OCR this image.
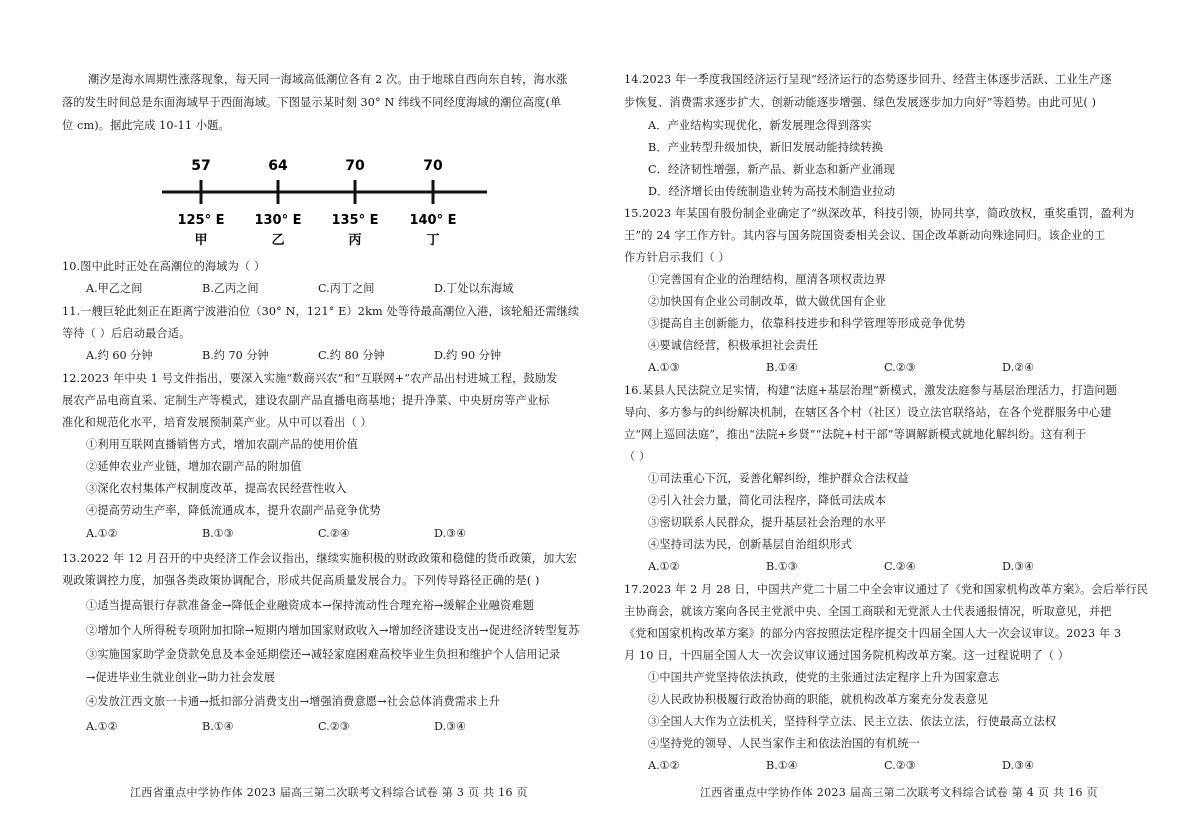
潮汐是海水周期性涨落现象，每天同一海域高低潮位各有 2 次。由于地球自西向东自转，海水涨
落的发生时间总是东面海域早于西面海域。下图显示某时刻 30° N 纬线不同经度海域的潮位高度(单
位 cm)。据此完成 10-11 小题。
57	64	70	70
125° E 130° E 135° E 140° E
甲	乙	丙	丁
10.图中此时正处在高潮位的海域为（ ）
A.甲乙之间	B.乙丙之间	C.丙丁之间	D.丁处以东海域
11.一艘巨轮此刻正在距离宁波港泊位（30° N，121° E）2km 处等待最高潮位入港，该轮船还需继续
等待（ ）后启动最合适。
A.约 60 分钟	B.约 70 分钟	C.约 80 分钟	D.约 90 分钟
12.2023 年中央 1 号文件指出，要深入实施“数商兴农”和“互联网+”农产品出村进城工程，鼓励发
展农产品电商直采、定制生产等模式，建设农副产品直播电商基地；提升净菜、中央厨房等产业标
准化和规范化水平，培育发展预制菜产业。从中可以看出（ ）
①利用互联网直播销售方式，增加农副产品的使用价值
②延伸农业产业链，增加农副产品的附加值
③深化农村集体产权制度改革，提高农民经营性收入
④提高劳动生产率，降低流通成本，提升农副产品竞争优势
A.①②	B.①③	C.②④	D.③④
13.2022 年 12 月召开的中央经济工作会议指出，继续实施积极的财政政策和稳健的货币政策，加大宏
观政策调控力度，加强各类政策协调配合，形成共促高质量发展合力。下列传导路径正确的是( )
①适当提高银行存款准备金→降低企业融资成本→保持流动性合理充裕→缓解企业融资难题
②增加个人所得税专项附加扣除→短期内增加国家财政收入→增加经济建设支出→促进经济转型复苏
③实施国家助学金贷款免息及本金延期偿还→减轻家庭困难高校毕业生负担和维护个人信用记录
→促进毕业生就业创业→助力社会发展
④发放江西文旅一卡通→抵扣部分消费支出→增强消费意愿→社会总体消费需求上升
A.①②	B.①④	C.②③	D.③④
江西省重点中学协作体 2023 届高三第二次联考文科综合试卷 第 3 页 共 16 页
14.2023 年一季度我国经济运行呈现“经济运行的态势逐步回升、经营主体逐步活跃、工业生产逐
步恢复、消费需求逐步扩大、创新动能逐步增强、绿色发展逐步加力向好”等趋势。由此可见( )
A．产业结构实现优化，新发展理念得到落实
B．产业转型升级加快，新旧发展动能持续转换
C．经济韧性增强，新产品、新业态和新产业涌现
D．经济增长由传统制造业转为高技术制造业拉动
15.2023 年某国有股份制企业确定了“纵深改革，科技引领，协同共享，简政放权，重奖重罚，盈利为
王”的 24 字工作方针。其内容与国务院国资委相关会议、国企改革新动向殊途同归。该企业的工
作方针启示我们（ ）
①完善国有企业的治理结构，厘清各项权责边界
②加快国有企业公司制改革，做大做优国有企业
③提高自主创新能力，依靠科技进步和科学管理等形成竞争优势
④要诚信经营，积极承担社会责任
A.①③	B.①④	C.②③	D.②④
16.某县人民法院立足实情，构建“法庭+基层治理”新模式，激发法庭参与基层治理活力，打造问题
导向、多方参与的纠纷解决机制，在辖区各个村（社区）设立法官联络站，在各个党群服务中心建
立“网上巡回法庭”，推出“法院+乡贤”“法院+村干部”等调解新模式就地化解纠纷。这有利于
（ ）
①司法重心下沉，妥善化解纠纷，维护群众合法权益
②引入社会力量，简化司法程序，降低司法成本
③密切联系人民群众，提升基层社会治理的水平
④坚持司法为民，创新基层自治组织形式
A.①②	B.①③	C.②④	D.③④
17.2023 年 2 月 28 日，中国共产党二十届二中全会审议通过了《党和国家机构改革方案》。会后举行民
主协商会，就该方案向各民主党派中央、全国工商联和无党派人士代表通报情况，听取意见，并把
《党和国家机构改革方案》的部分内容按照法定程序提交十四届全国人大一次会议审议。2023 年 3
月 10 日，十四届全国人大一次会议审议通过国务院机构改革方案。这一过程说明了（ ）
①中国共产党坚持依法执政，使党的主张通过法定程序上升为国家意志
②人民政协积极履行政治协商的职能，就机构改革方案充分发表意见
③全国人大作为立法机关，坚持科学立法、民主立法、依法立法，行使最高立法权
④坚持党的领导、人民当家作主和依法治国的有机统一
A.①②	B.①④	C.②③	D.③④
江西省重点中学协作体 2023 届高三第二次联考文科综合试卷 第 4 页 共 16 页
